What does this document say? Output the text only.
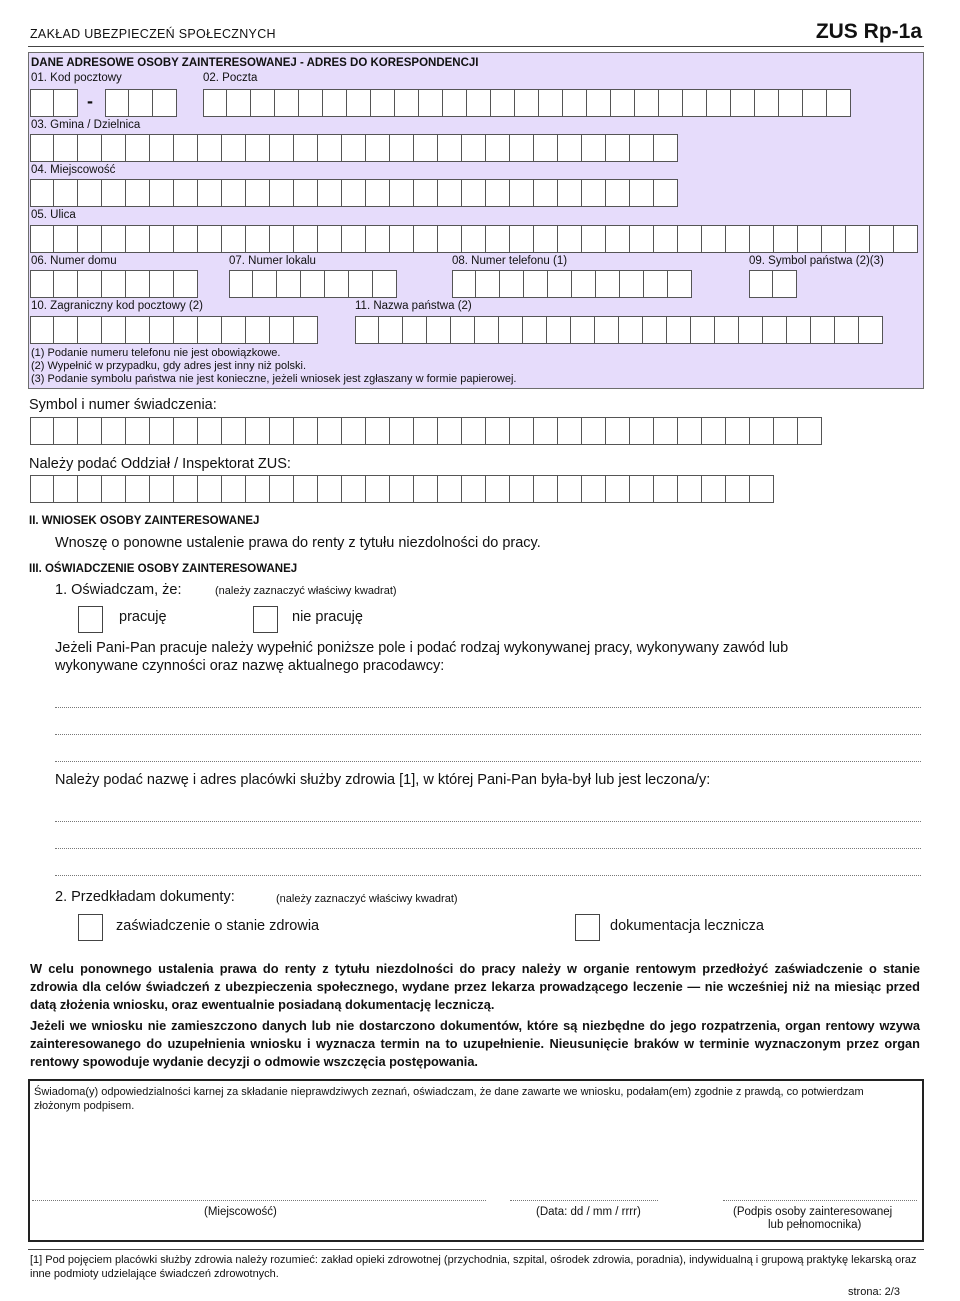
ZAKŁAD UBEZPIECZEŃ SPOŁECZNYCH	ZUS Rp-1a
DANE ADRESOWE OSOBY ZAINTERESOWANEJ - ADRES DO KORESPONDENCJI
01. Kod pocztowy	02. Poczta
-
03. Gmina / Dzielnica
04. Miejscowość
05. Ulica
06. Numer domu	07. Numer lokalu	08. Numer telefonu (1)	09. Symbol państwa (2)(3)
10. Zagraniczny kod pocztowy (2)	11. Nazwa państwa (2)
(1) Podanie numeru telefonu nie jest obowiązkowe.
(2) Wypełnić w przypadku, gdy adres jest inny niż polski.
(3) Podanie symbolu państwa nie jest konieczne, jeżeli wniosek jest zgłaszany w formie papierowej.
Symbol i numer świadczenia:
Należy podać Oddział / Inspektorat ZUS:
II. WNIOSEK OSOBY ZAINTERESOWANEJ
Wnoszę o ponowne ustalenie prawa do renty z tytułu niezdolności do pracy.
III. OŚWIADCZENIE OSOBY ZAINTERESOWANEJ
1. Oświadczam, że:	(należy zaznaczyć właściwy kwadrat)
pracuję	nie pracuję
Jeżeli Pani-Pan pracuje należy wypełnić poniższe pole i podać rodzaj wykonywanej pracy, wykonywany zawód lub
wykonywane czynności oraz nazwę aktualnego pracodawcy:
Należy podać nazwę i adres placówki służby zdrowia [1], w której Pani-Pan była-był lub jest leczona/y:
2. Przedkładam dokumenty:	(należy zaznaczyć właściwy kwadrat)
zaświadczenie o stanie zdrowia	dokumentacja lecznicza
W celu ponownego ustalenia prawa do renty z tytułu niezdolności do pracy należy w organie rentowym przedłożyć zaświadczenie o stanie zdrowia dla celów świadczeń z ubezpieczenia społecznego, wydane przez lekarza prowadzącego leczenie — nie wcześniej niż na miesiąc przed datą złożenia wniosku, oraz ewentualnie posiadaną dokumentację leczniczą.
Jeżeli we wniosku nie zamieszczono danych lub nie dostarczono dokumentów, które są niezbędne do jego rozpatrzenia, organ rentowy wzywa zainteresowanego do uzupełnienia wniosku i wyznacza termin na to uzupełnienie. Nieusunięcie braków w terminie wyznaczonym przez organ rentowy spowoduje wydanie decyzji o odmowie wszczęcia postępowania.
Świadoma(y) odpowiedzialności karnej za składanie nieprawdziwych zeznań, oświadczam, że dane zawarte we wniosku, podałam(em) zgodnie z prawdą, co potwierdzam złożonym podpisem.
(Miejscowość)	(Data: dd / mm / rrrr)	(Podpis osoby zainteresowanej
lub pełnomocnika)
[1] Pod pojęciem placówki służby zdrowia należy rozumieć: zakład opieki zdrowotnej (przychodnia, szpital, ośrodek zdrowia, poradnia), indywidualną i grupową praktykę lekarską oraz inne podmioty udzielające świadczeń zdrowotnych.
strona: 2/3
